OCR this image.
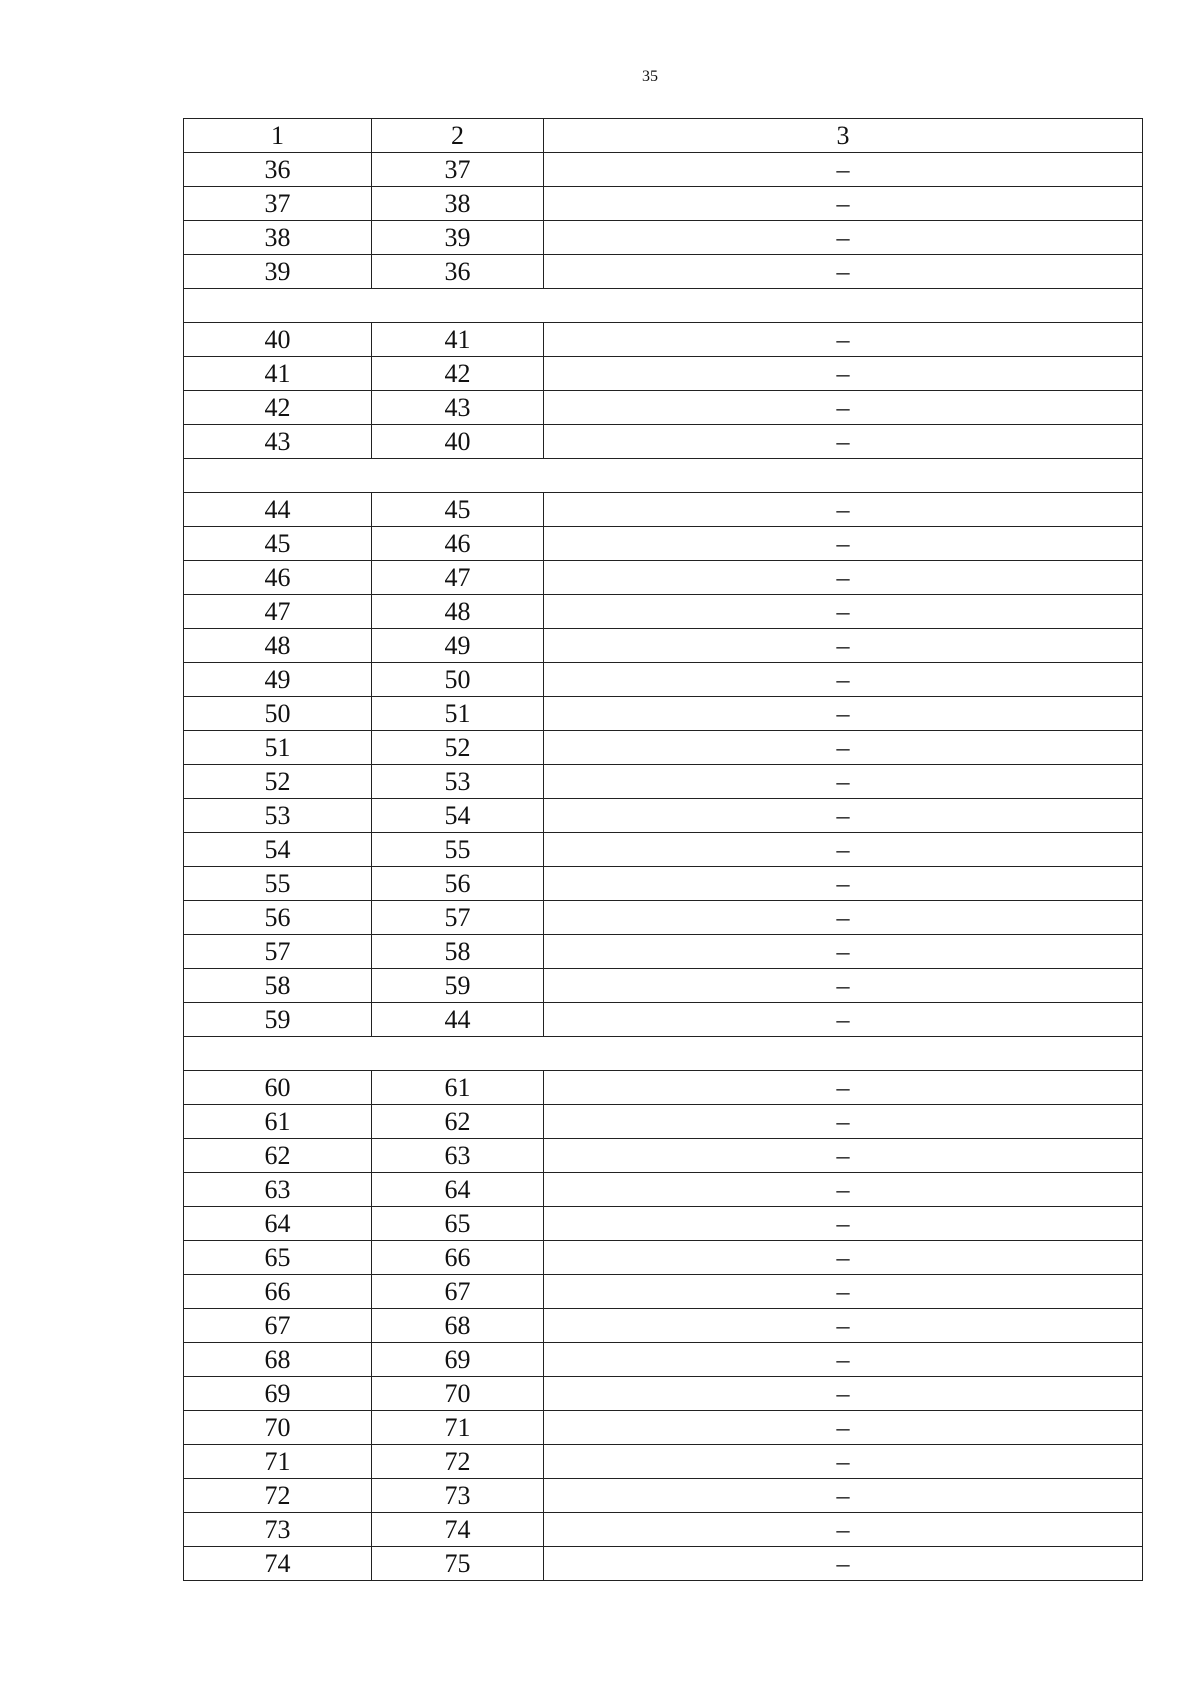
35
1	2	3
36	37	–
37	38	–
38	39	–
39	36	–

40	41	–
41	42	–
42	43	–
43	40	–

44	45	–
45	46	–
46	47	–
47	48	–
48	49	–
49	50	–
50	51	–
51	52	–
52	53	–
53	54	–
54	55	–
55	56	–
56	57	–
57	58	–
58	59	–
59	44	–

60	61	–
61	62	–
62	63	–
63	64	–
64	65	–
65	66	–
66	67	–
67	68	–
68	69	–
69	70	–
70	71	–
71	72	–
72	73	–
73	74	–
74	75	–
